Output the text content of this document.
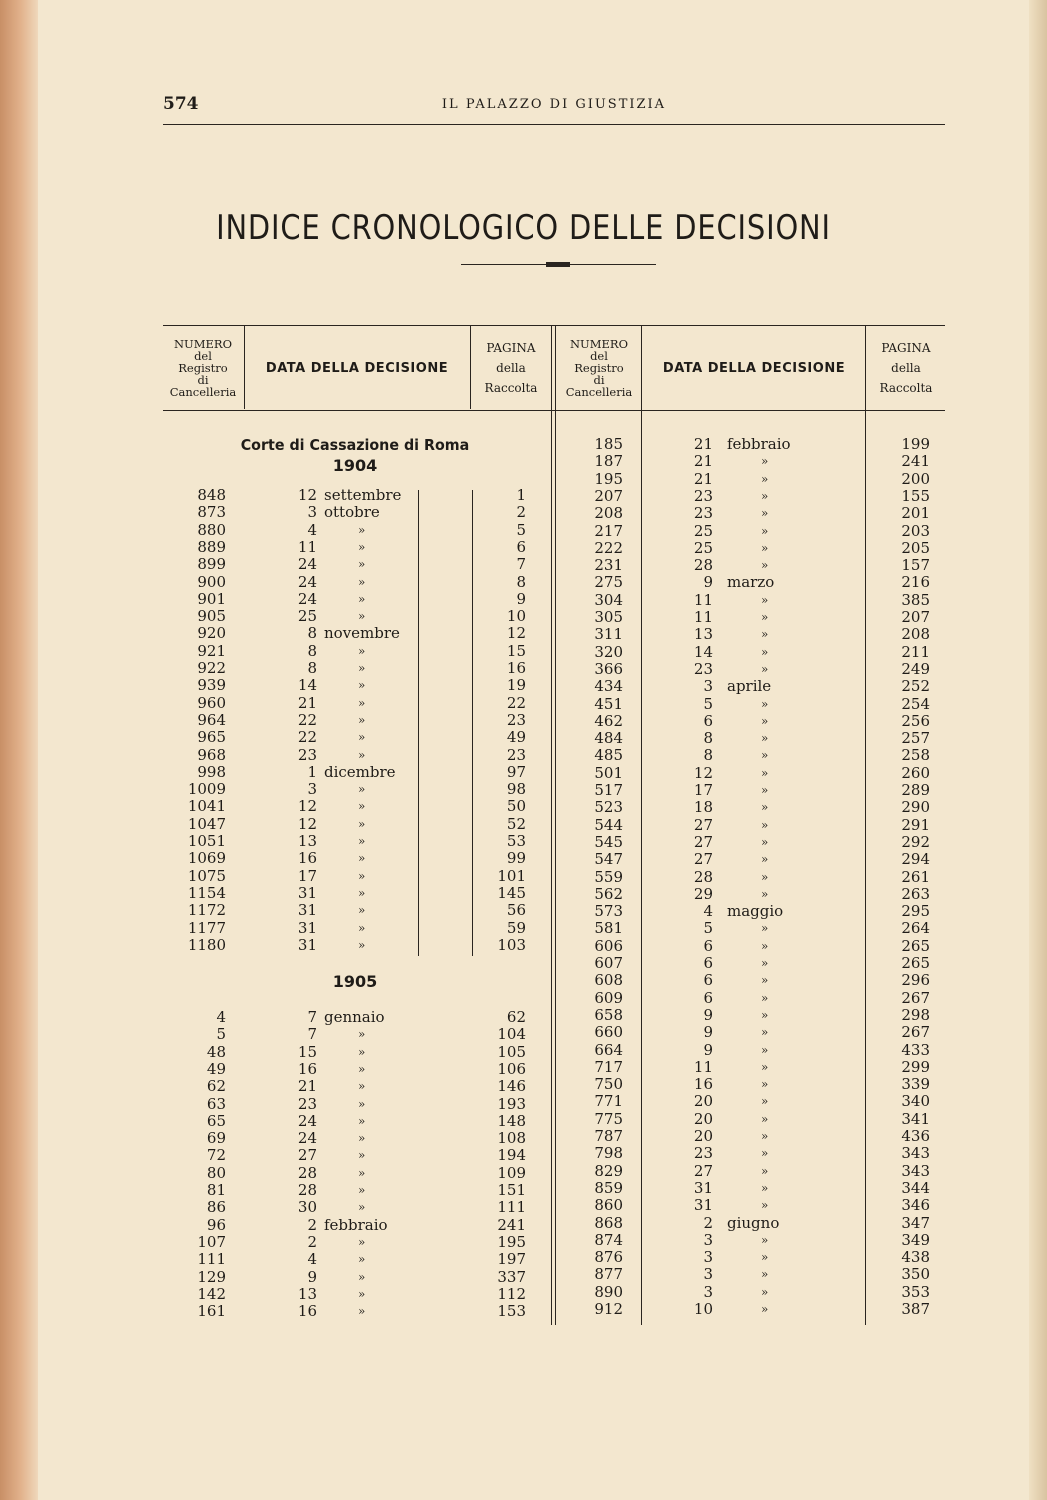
574	IL PALAZZO DI GIUSTIZIA
INDICE CRONOLOGICO DELLE DECISIONI
NUMERO
del
Registro
di
Cancelleria
DATA DELLA DECISIONE
PAGINA
della
Raccolta
NUMERO
del
Registro
di
Cancelleria
DATA DELLA DECISIONE
PAGINA
della
Raccolta
Corte di Cassazione di Roma
1904
1905
848	12 settembre	1
873	3 ottobre	2
880	4	»	5
889	11	»	6
899	24	»	7
900	24	»	8
901	24	»	9
905	25	»	10
920	8 novembre	12
921	8	»	15
922	8	»	16
939	14	»	19
960	21	»	22
964	22	»	23
965	22	»	49
968	23	»	23
998	1 dicembre	97
1009	3	»	98
1041	12	»	50
1047	12	»	52
1051	13	»	53
1069	16	»	99
1075	17	»	101
1154	31	»	145
1172	31	»	56
1177	31	»	59
1180	31	»	103
4	7 gennaio	62
5	7	»	104
48	15	»	105
49	16	»	106
62	21	»	146
63	23	»	193
65	24	»	148
69	24	»	108
72	27	»	194
80	28	»	109
81	28	»	151
86	30	»	111
96	2 febbraio	241
107	2	»	195
111	4	»	197
129	9	»	337
142	13	»	112
161	16	»	153
185	21 febbraio	199
187	21	»	241
195	21	»	200
207	23	»	155
208	23	»	201
217	25	»	203
222	25	»	205
231	28	»	157
275	9 marzo	216
304	11	»	385
305	11	»	207
311	13	»	208
320	14	»	211
366	23	»	249
434	3 aprile	252
451	5	»	254
462	6	»	256
484	8	»	257
485	8	»	258
501	12	»	260
517	17	»	289
523	18	»	290
544	27	»	291
545	27	»	292
547	27	»	294
559	28	»	261
562	29	»	263
573	4 maggio	295
581	5	»	264
606	6	»	265
607	6	»	265
608	6	»	296
609	6	»	267
658	9	»	298
660	9	»	267
664	9	»	433
717	11	»	299
750	16	»	339
771	20	»	340
775	20	»	341
787	20	»	436
798	23	»	343
829	27	»	343
859	31	»	344
860	31	»	346
868	2 giugno	347
874	3	»	349
876	3	»	438
877	3	»	350
890	3	»	353
912	10	»	387
